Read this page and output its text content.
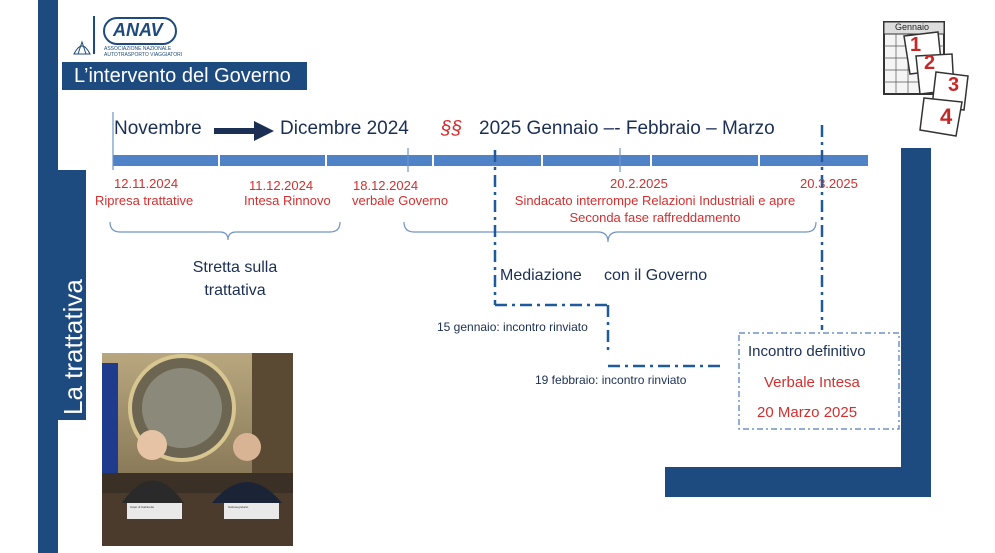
La trattativa
ANAV
ASSOCIAZIONE NAZIONALE AUTOTRASPORTO VIAGGIATORI
L’intervento del Governo
Gennaio
1
2
3
4
Novembre	Dicembre 2024 §§ 2025 Gennaio –- Febbraio – Marzo
12.11.2024
Ripresa trattative
11.12.2024
Intesa Rinnovo
18.12.2024
verbale Governo
20.2.2025
Sindacato interrompe Relazioni Industriali e apre Seconda fase raffreddamento
20.3.2025
Stretta sulla trattativa
Mediazione con il Governo
15 gennaio: incontro rinviato
19 febbraio: incontro rinviato
Incontro definitivo
Verbale Intesa
20 Marzo 2025
Capo di Gabinetto	Sottosegretario
